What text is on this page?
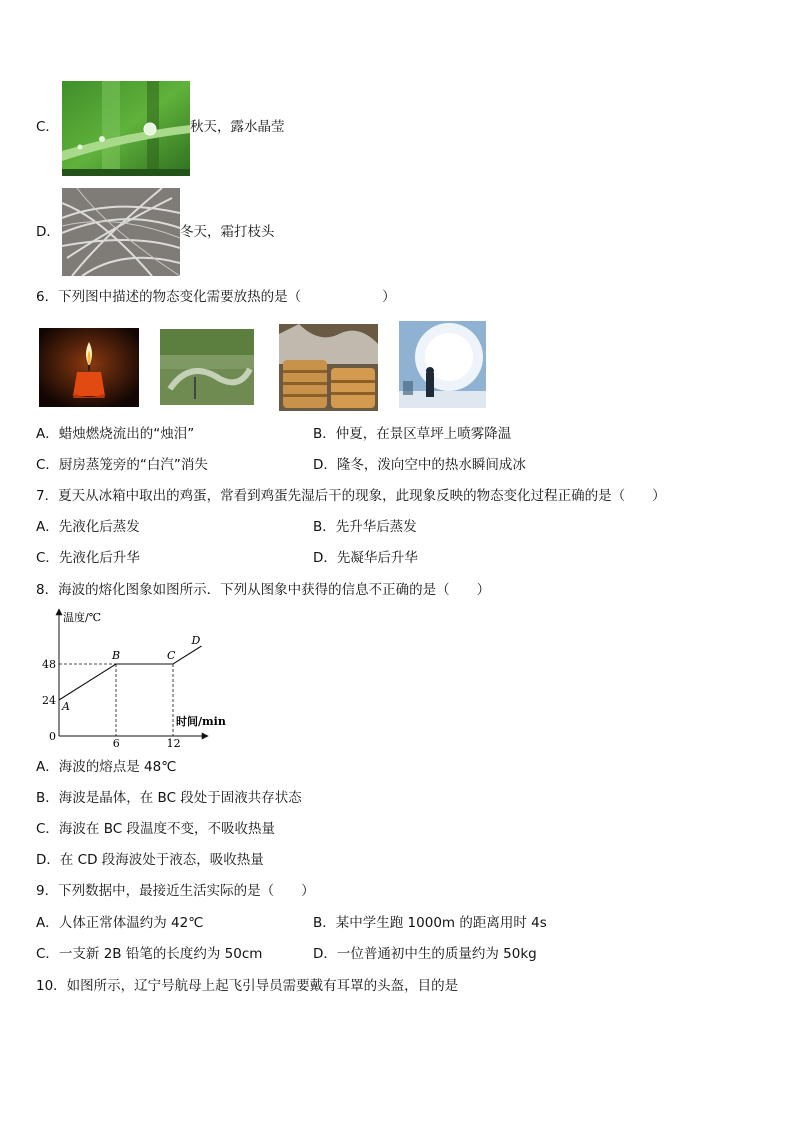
C．	秋天，露水晶莹
D．	冬天，霜打枝头
6．下列图中描述的物态变化需要放热的是（　　　　　　）
A．蜡烛燃烧流出的“烛泪”	B．仲夏，在景区草坪上喷雾降温
C．厨房蒸笼旁的“白汽”消失	D．隆冬，泼向空中的热水瞬间成冰
7．夏天从冰箱中取出的鸡蛋，常看到鸡蛋先湿后干的现象，此现象反映的物态变化过程正确的是（　　）
A．先液化后蒸发	B．先升华后蒸发
C．先液化后升华	D．先凝华后升华
8．海波的熔化图象如图所示．下列从图象中获得的信息不正确的是（　　）
温度/℃
时间/min
0
24
48
6	12
A
B	C
D
A．海波的熔点是 48℃
B．海波是晶体，在 BC 段处于固液共存状态
C．海波在 BC 段温度不变，不吸收热量
D．在 CD 段海波处于液态，吸收热量
9．下列数据中，最接近生活实际的是（　　）
A．人体正常体温约为 42℃	B．某中学生跑 1000m 的距离用时 4s
C．一支新 2B 铅笔的长度约为 50cm	D．一位普通初中生的质量约为 50kg
10．如图所示，辽宁号航母上起飞引导员需要戴有耳罩的头盔，目的是
